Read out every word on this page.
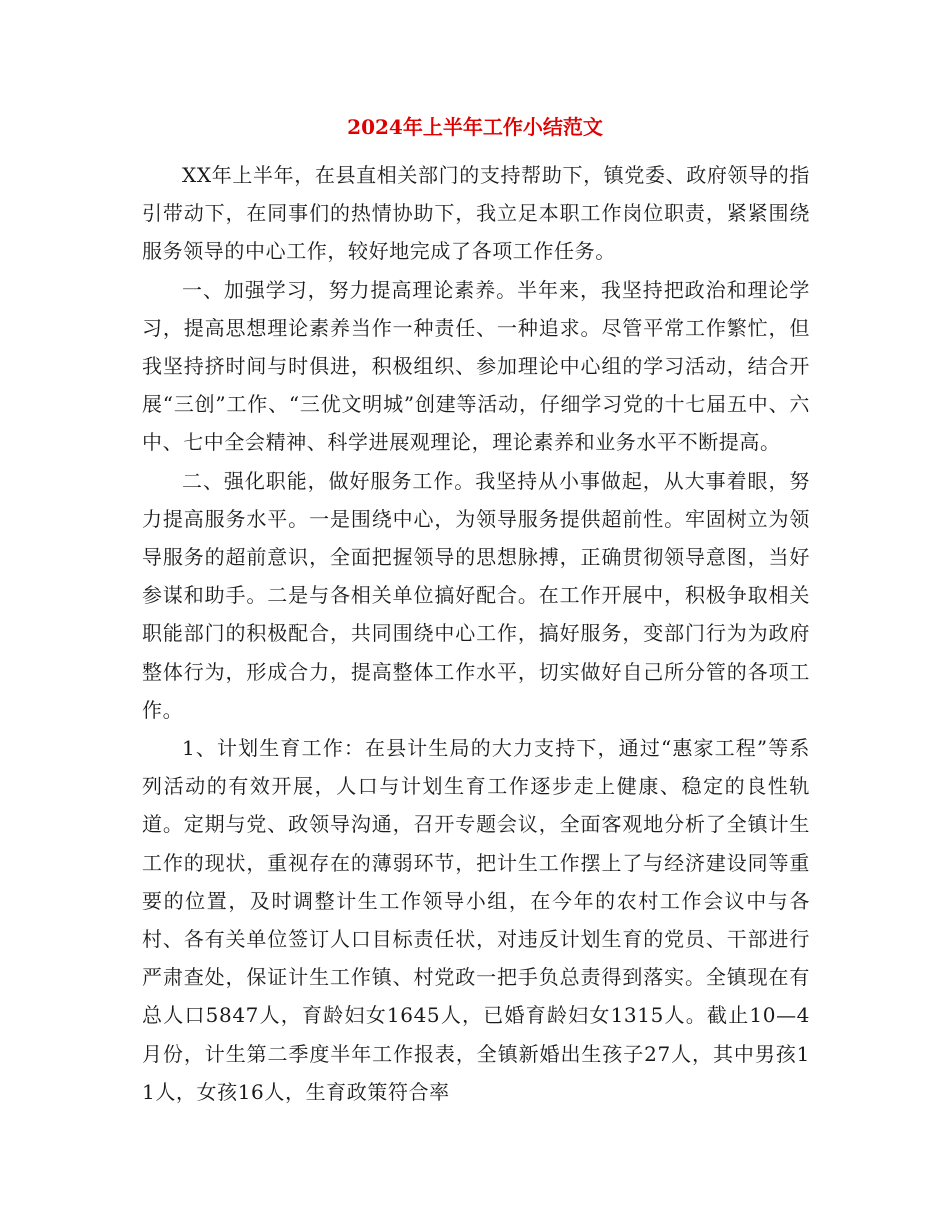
2024年上半年工作小结范文

XX年上半年，在县直相关部门的支持帮助下，镇党委、政府领导的指引带动下，在同事们的热情协助下，我立足本职工作岗位职责，紧紧围绕服务领导的中心工作，较好地完成了各项工作任务。

一、加强学习，努力提高理论素养。半年来，我坚持把政治和理论学习，提高思想理论素养当作一种责任、一种追求。尽管平常工作繁忙，但我坚持挤时间与时俱进，积极组织、参加理论中心组的学习活动，结合开展“三创”工作、“三优文明城”创建等活动，仔细学习党的十七届五中、六中、七中全会精神、科学进展观理论，理论素养和业务水平不断提高。

二、强化职能，做好服务工作。我坚持从小事做起，从大事着眼，努力提高服务水平。一是围绕中心，为领导服务提供超前性。牢固树立为领导服务的超前意识，全面把握领导的思想脉搏，正确贯彻领导意图，当好参谋和助手。二是与各相关单位搞好配合。在工作开展中，积极争取相关职能部门的积极配合，共同围绕中心工作，搞好服务，变部门行为为政府整体行为，形成合力，提高整体工作水平，切实做好自己所分管的各项工作。

1、计划生育工作：在县计生局的大力支持下，通过“惠家工程”等系列活动的有效开展，人口与计划生育工作逐步走上健康、稳定的良性轨道。定期与党、政领导沟通，召开专题会议，全面客观地分析了全镇计生工作的现状，重视存在的薄弱环节，把计生工作摆上了与经济建设同等重要的位置，及时调整计生工作领导小组，在今年的农村工作会议中与各村、各有关单位签订人口目标责任状，对违反计划生育的党员、干部进行严肃查处，保证计生工作镇、村党政一把手负总责得到落实。全镇现在有总人口5847人，育龄妇女1645人，已婚育龄妇女1315人。截止10—4月份，计生第二季度半年工作报表，全镇新婚出生孩子27人，其中男孩11人，女孩16人，生育政策符合率
